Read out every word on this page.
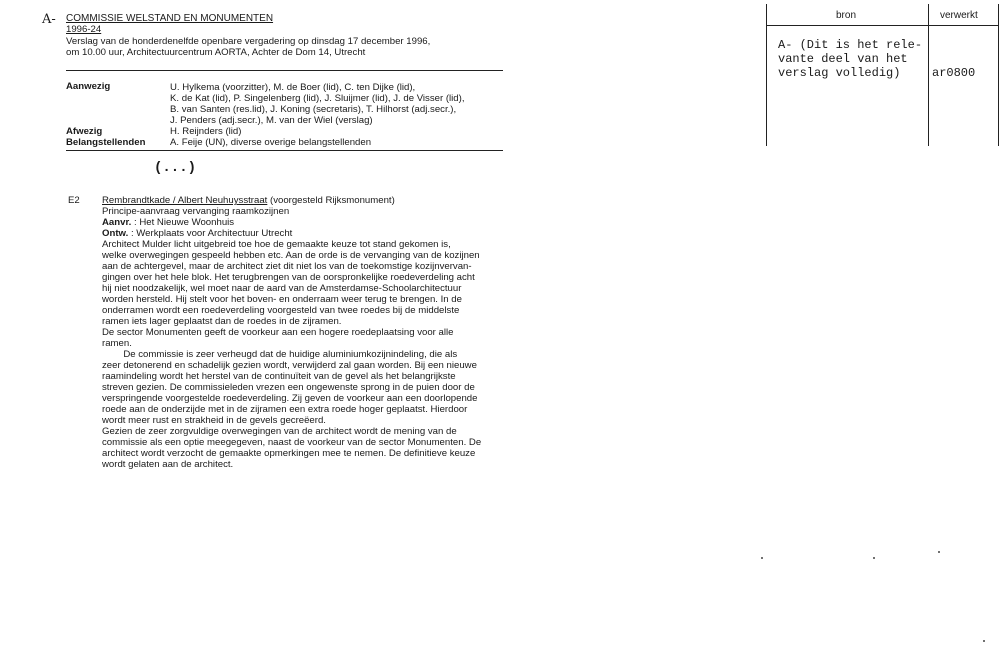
A- COMMISSIE WELSTAND EN MONUMENTEN
1996-24
Verslag van de honderdenelfde openbare vergadering op dinsdag 17 december 1996,
om 10.00 uur, Architectuurcentrum AORTA, Achter de Dom 14, Utrecht
Aanwezig	U. Hylkema (voorzitter), M. de Boer (lid), C. ten Dijke (lid),
K. de Kat (lid), P. Singelenberg (lid), J. Sluijmer (lid), J. de Visser (lid),
B. van Santen (res.lid), J. Koning (secretaris), T. Hilhorst (adj.secr.),
J. Penders (adj.secr.), M. van der Wiel (verslag)
Afwezig	H. Reijnders (lid)
Belangstellenden	A. Feije (UN), diverse overige belangstellenden
(...)
E2 Rembrandtkade / Albert Neuhuysstraat (voorgesteld Rijksmonument)
Principe-aanvraag vervanging raamkozijnen
Aanvr. : Het Nieuwe Woonhuis
Ontw. : Werkplaats voor Architectuur Utrecht
Architect Mulder licht uitgebreid toe hoe de gemaakte keuze tot stand gekomen is,
welke overwegingen gespeeld hebben etc. Aan de orde is de vervanging van de kozijnen
aan de achtergevel, maar de architect ziet dit niet los van de toekomstige kozijnvervan-
gingen over het hele blok. Het terugbrengen van de oorspronkelijke roedeverdeling acht
hij niet noodzakelijk, wel moet naar de aard van de Amsterdamse-Schoolarchitectuur
worden hersteld. Hij stelt voor het boven- en onderraam weer terug te brengen. In de
onderramen wordt een roedeverdeling voorgesteld van twee roedes bij de middelste
ramen iets lager geplaatst dan de roedes in de zijramen.
De sector Monumenten geeft de voorkeur aan een hogere roedeplaatsing voor alle
ramen.
De commissie is zeer verheugd dat de huidige aluminiumkozijnindeling, die als
zeer detonerend en schadelijk gezien wordt, verwijderd zal gaan worden. Bij een nieuwe
raamindeling wordt het herstel van de continuïteit van de gevel als het belangrijkste
streven gezien. De commissieleden vrezen een ongewenste sprong in de puien door de
verspringende voorgestelde roedeverdeling. Zij geven de voorkeur aan een doorlopende
roede aan de onderzijde met in de zijramen een extra roede hoger geplaatst. Hierdoor
wordt meer rust en strakheid in de gevels gecreëerd.
Gezien de zeer zorgvuldige overwegingen van de architect wordt de mening van de
commissie als een optie meegegeven, naast de voorkeur van de sector Monumenten. De
architect wordt verzocht de gemaakte opmerkingen mee te nemen. De definitieve keuze
wordt gelaten aan de architect.
bron	verwerkt
A- (Dit is het rele-
vante deel van het
verslag volledig)	ar0800
